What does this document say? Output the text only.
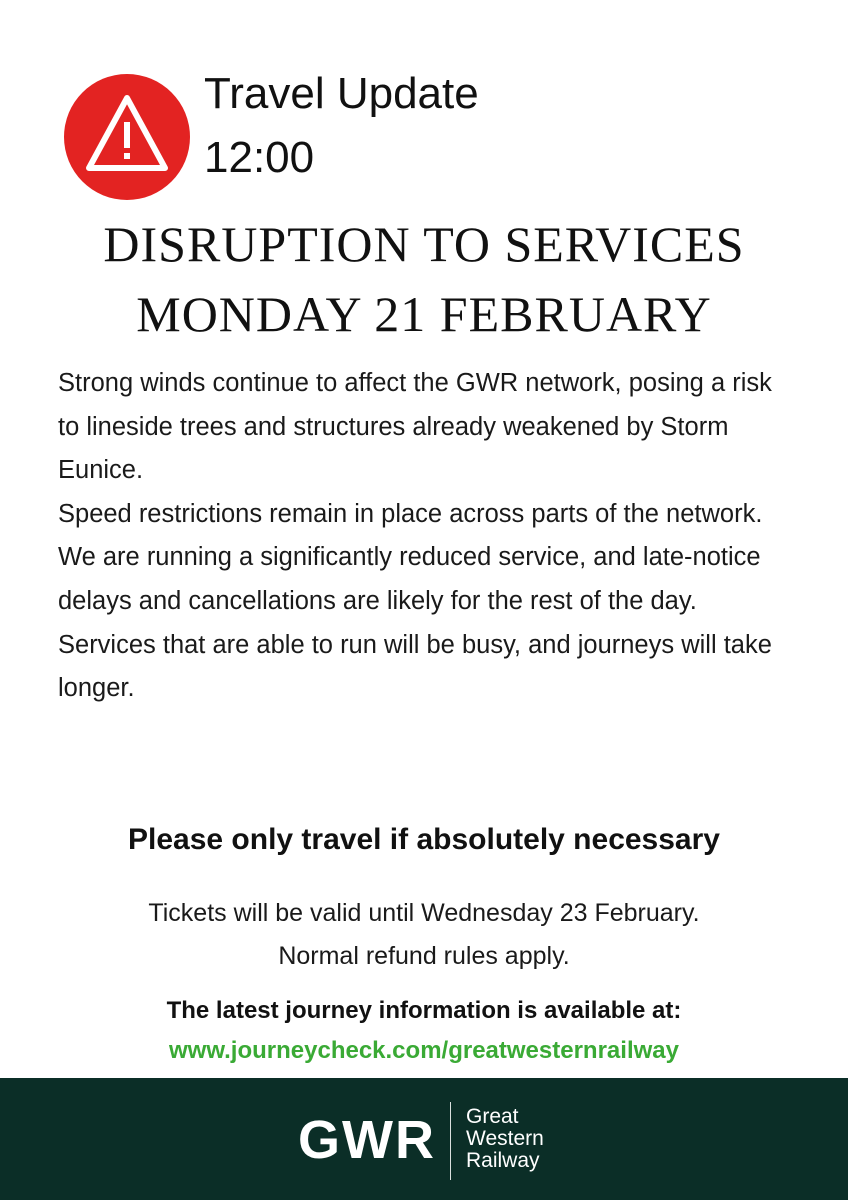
Travel Update
12:00
DISRUPTION TO SERVICES
MONDAY 21 FEBRUARY

Strong winds continue to affect the GWR network, posing a risk to lineside trees and structures already weakened by Storm Eunice.

Speed restrictions remain in place across parts of the network.

We are running a significantly reduced service, and late-notice delays and cancellations are likely for the rest of the day.

Services that are able to run will be busy, and journeys will take longer.

Please only travel if absolutely necessary
Tickets will be valid until Wednesday 23 February.
Normal refund rules apply.
The latest journey information is available at:
www.journeycheck.com/greatwesternrailway
GWR Great
Western
Railway
